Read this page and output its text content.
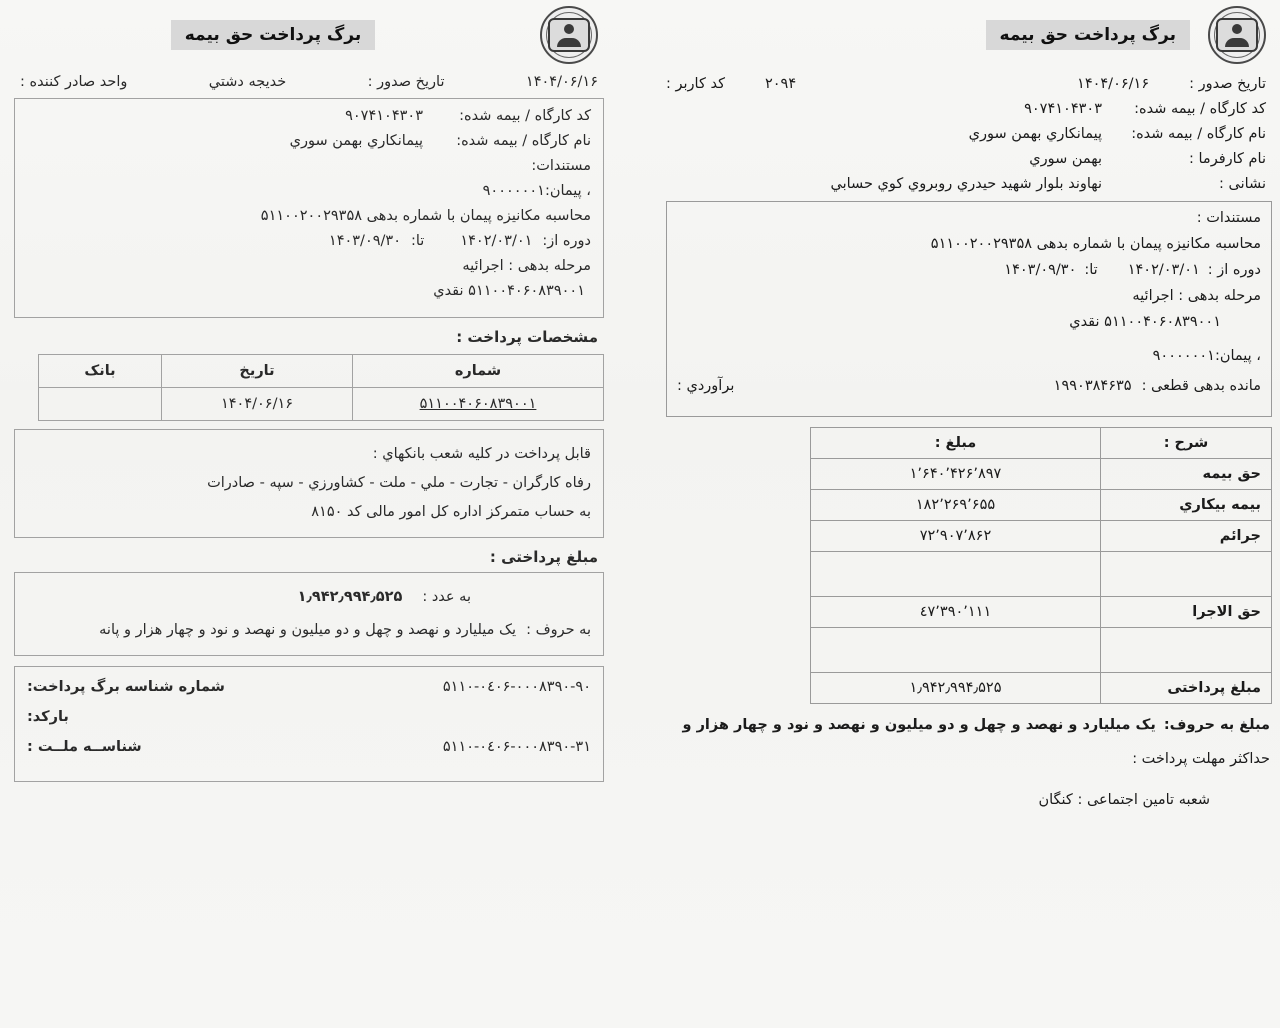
برگ پرداخت حق بیمه
تاریخ صدور :
۱۴۰۴/۰۶/۱۶
۲۰۹۴
کد کاربر :
کد کارگاه / بیمه شده:
۹۰۷۴۱۰۴۳۰۳
نام کارگاه / بیمه شده:
پیمانکاري بهمن سوري
نام کارفرما :
بهمن سوري
نشانی :
نهاوند بلوار شهید حیدري روبروي کوي حسابي
مستندات :
محاسبه مکانیزه پیمان با شماره بدهی ۵۱۱۰۰۲۰۰۲۹۳۵۸
دوره از :
۱۴۰۲/۰۳/۰۱
تا:
۱۴۰۳/۰۹/۳۰
مرحله بدهی : اجرائیه
۵۱۱۰۰۴۰۶۰۸۳۹۰۰۱ نقدي
، پیمان:۹۰۰۰۰۰۰۱
مانده بدهی قطعی :
۱۹۹۰۳۸۴۶۳۵
برآوردي :
شرح :	مبلغ :
حق بیمه	۱٬۶۴۰٬۴۲۶٬۸۹۷
بیمه بیکاري	۱۸۲٬۲۶۹٬۶۵۵
جرائم	۷۲٬۹۰۷٬۸۶۲

حق الاجرا	٤٧٬٣٩٠٬١١١

مبلغ پرداختی	۱٫۹۴۲٫۹۹۴٫۵۲۵
مبلغ به حروف:
یک میلیارد و نهصد و چهل و دو میلیون و نهصد و نود و چهار هزار و
حداکثر مهلت پرداخت :
شعبه تامین اجتماعی : کنگان
برگ پرداخت حق بیمه
۱۴۰۴/۰۶/۱۶
تاریخ صدور :
خدیجه دشتي
واحد صادر کننده :
کد کارگاه / بیمه شده:
۹۰۷۴۱۰۴۳۰۳
نام کارگاه / بیمه شده:
پیمانکاري بهمن سوري
مستندات:
، پیمان:۹۰۰۰۰۰۰۱
محاسبه مکانیزه پیمان با شماره بدهی ۵۱۱۰۰۲۰۰۲۹۳۵۸
دوره از:
۱۴۰۲/۰۳/۰۱
تا:
۱۴۰۳/۰۹/۳۰
مرحله بدهی : اجرائیه
۵۱۱۰۰۴۰۶۰۸۳۹۰۰۱ نقدي
مشخصات پرداخت :
شماره	تاریخ	بانک
۵۱۱۰۰۴۰۶۰۸۳۹۰۰۱	۱۴۰۴/۰۶/۱۶	
قابل پرداخت در کلیه شعب بانکهاي :
رفاه کارگران - تجارت - ملي - ملت - کشاورزي - سپه - صادرات
به حساب متمرکز اداره کل امور مالی کد ۸۱۵۰
مبلغ پرداختی :
به عدد :
۱٫۹۴۲٫۹۹۴٫۵۲۵
به حروف :
یک میلیارد و نهصد و چهل و دو میلیون و نهصد و نود و چهار هزار و پانه
۵۱۱۰-۰٤۰۶-۰۰۰۸۳۹۰-۹۰
شماره شناسه برگ پرداخت:
بارکد:
۵۱۱۰-۰٤۰۶-۰۰۰۸۳۹۰-۳۱
شناســه ملــت :
